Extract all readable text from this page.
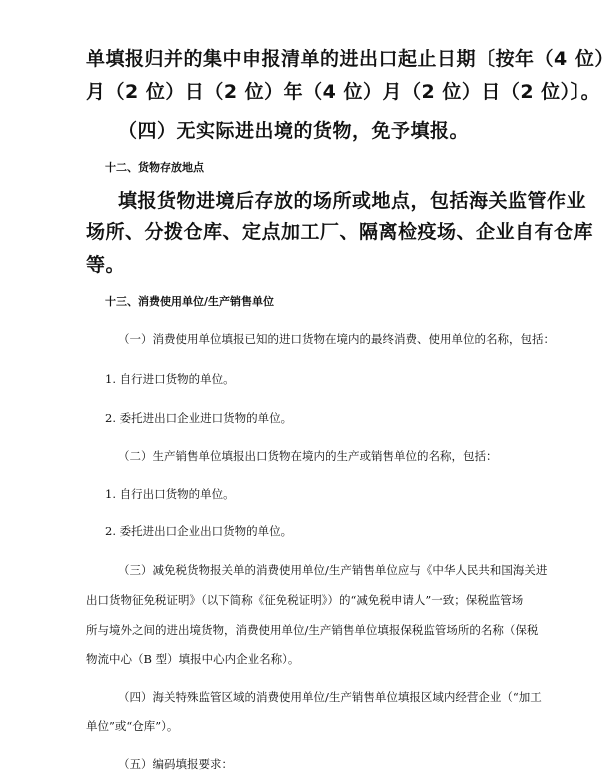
单填报归并的集中申报清单的进出口起止日期〔按年（4 位）
月（2 位）日（2 位）年（4 位）月（2 位）日（2 位）〕。
（四）无实际进出境的货物，免予填报。
十二、货物存放地点
填报货物进境后存放的场所或地点，包括海关监管作业
场所、分拨仓库、定点加工厂、隔离检疫场、企业自有仓库
等。
十三、消费使用单位/生产销售单位
（一）消费使用单位填报已知的进口货物在境内的最终消费、使用单位的名称，包括：
1. 自行进口货物的单位。
2. 委托进出口企业进口货物的单位。
（二）生产销售单位填报出口货物在境内的生产或销售单位的名称，包括：
1. 自行出口货物的单位。
2. 委托进出口企业出口货物的单位。
（三）减免税货物报关单的消费使用单位/生产销售单位应与《中华人民共和国海关进
出口货物征免税证明》（以下简称《征免税证明》）的“减免税申请人”一致；保税监管场
所与境外之间的进出境货物，消费使用单位/生产销售单位填报保税监管场所的名称（保税
物流中心（B 型）填报中心内企业名称）。
（四）海关特殊监管区域的消费使用单位/生产销售单位填报区域内经营企业（“加工
单位”或“仓库”）。
（五）编码填报要求：
